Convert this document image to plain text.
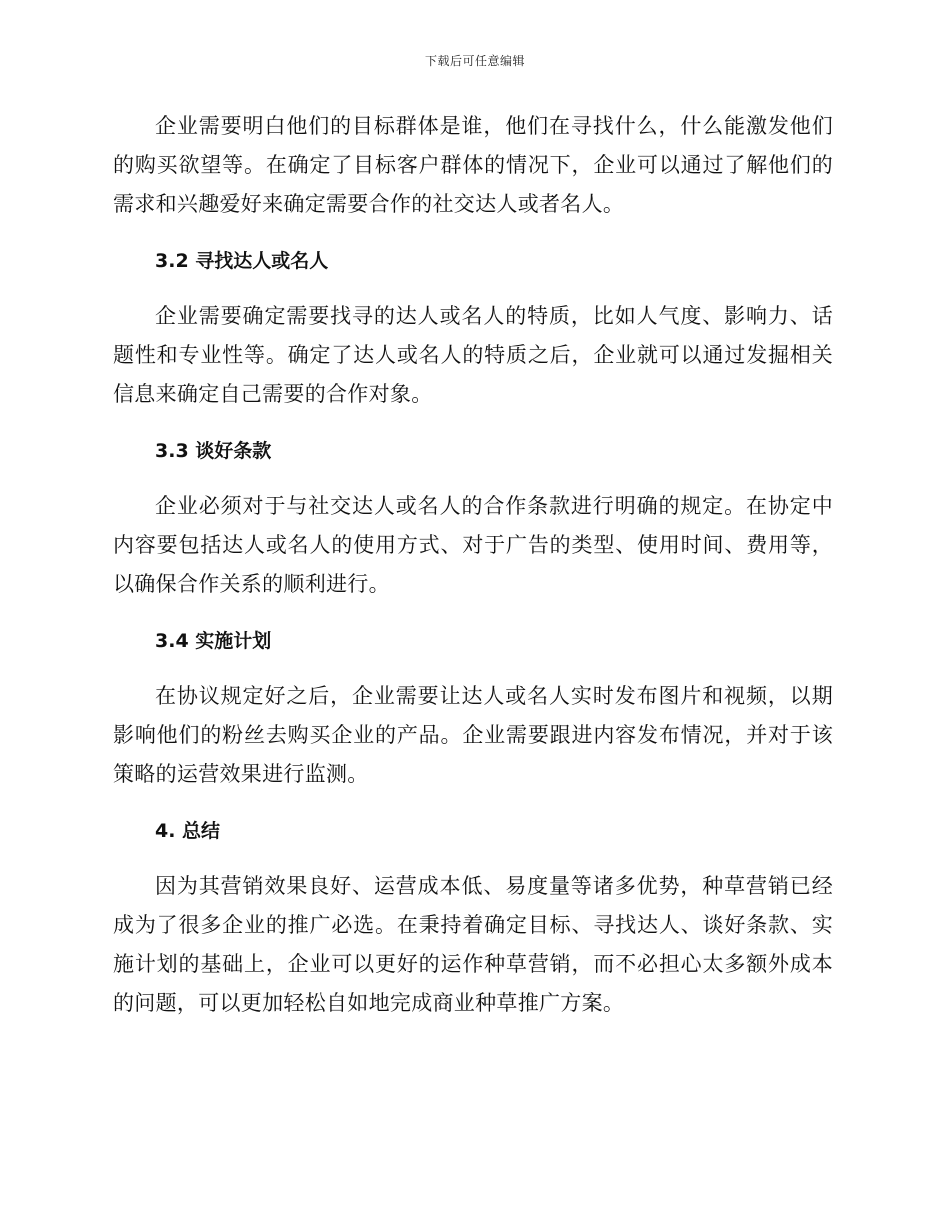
下载后可任意编辑

企业需要明白他们的目标群体是谁，他们在寻找什么，什么能激发他们的购买欲望等。在确定了目标客户群体的情况下，企业可以通过了解他们的需求和兴趣爱好来确定需要合作的社交达人或者名人。

3.2 寻找达人或名人

企业需要确定需要找寻的达人或名人的特质，比如人气度、影响力、话题性和专业性等。确定了达人或名人的特质之后，企业就可以通过发掘相关信息来确定自己需要的合作对象。

3.3 谈好条款

企业必须对于与社交达人或名人的合作条款进行明确的规定。在协定中内容要包括达人或名人的使用方式、对于广告的类型、使用时间、费用等，以确保合作关系的顺利进行。

3.4 实施计划

在协议规定好之后，企业需要让达人或名人实时发布图片和视频，以期影响他们的粉丝去购买企业的产品。企业需要跟进内容发布情况，并对于该策略的运营效果进行监测。

4. 总结

因为其营销效果良好、运营成本低、易度量等诸多优势，种草营销已经成为了很多企业的推广必选。在秉持着确定目标、寻找达人、谈好条款、实施计划的基础上，企业可以更好的运作种草营销，而不必担心太多额外成本的问题，可以更加轻松自如地完成商业种草推广方案。
